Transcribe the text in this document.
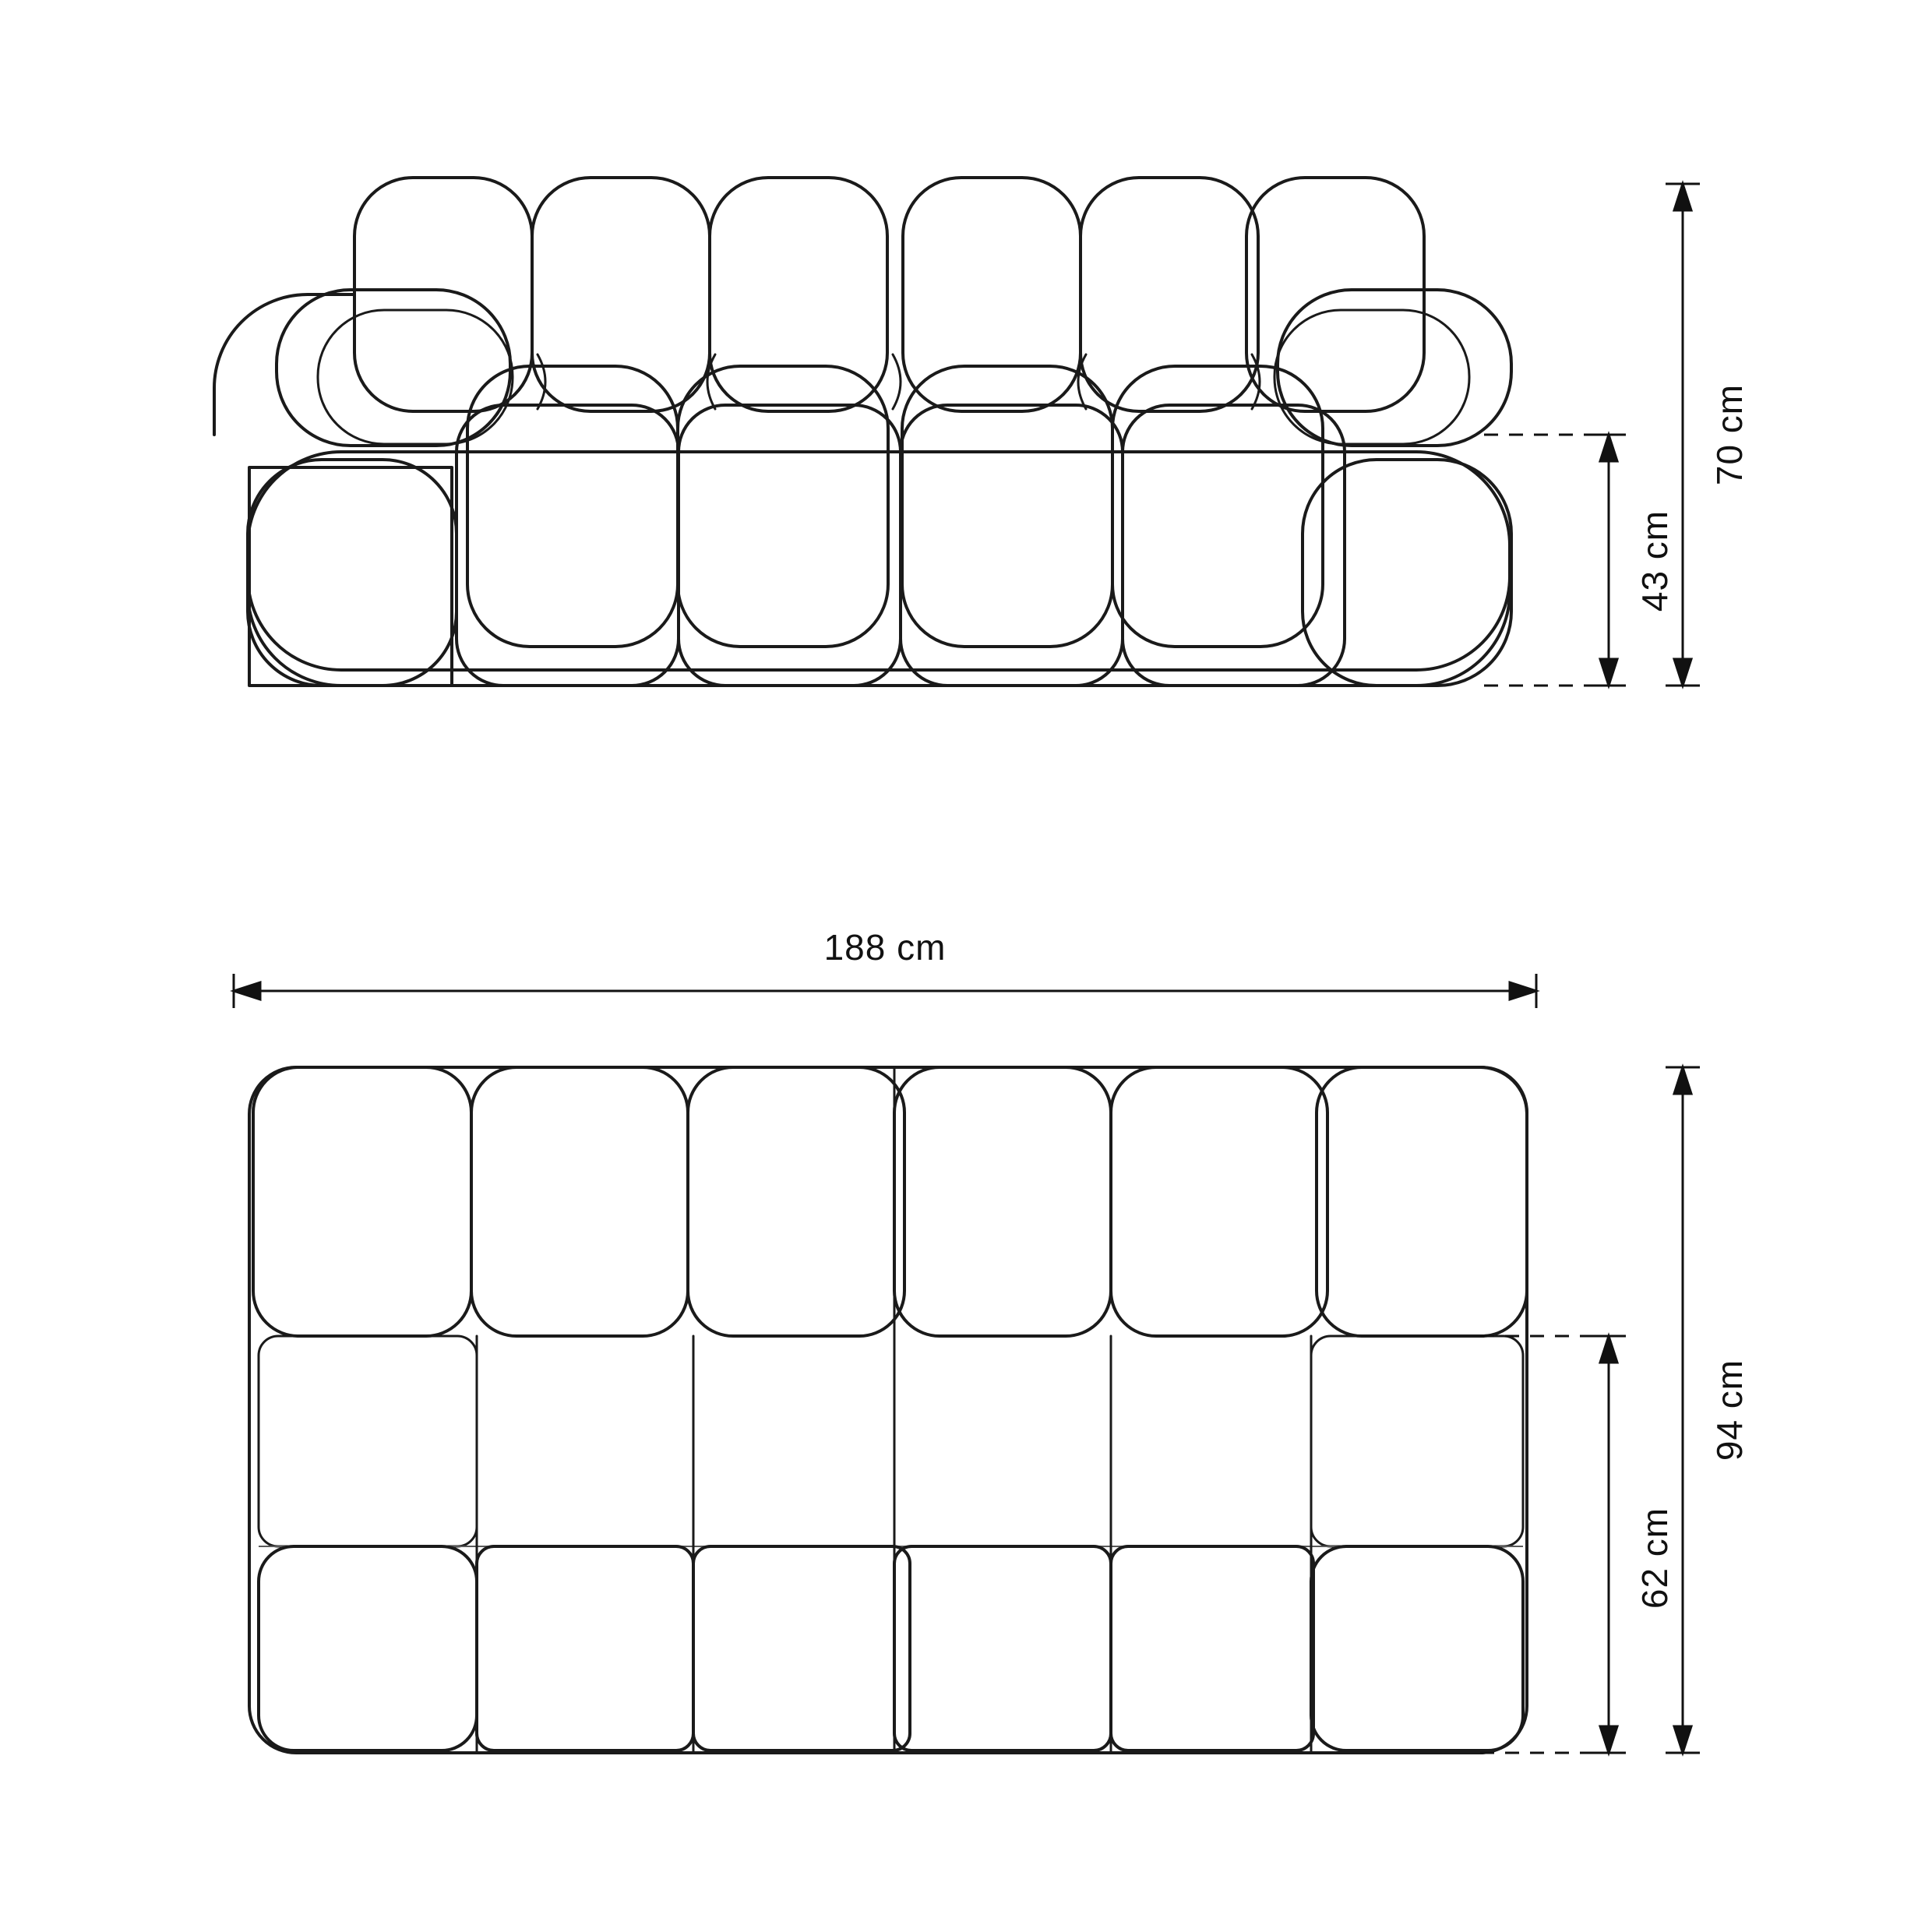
70 cm
43 cm
188 cm
94 cm
62 cm
